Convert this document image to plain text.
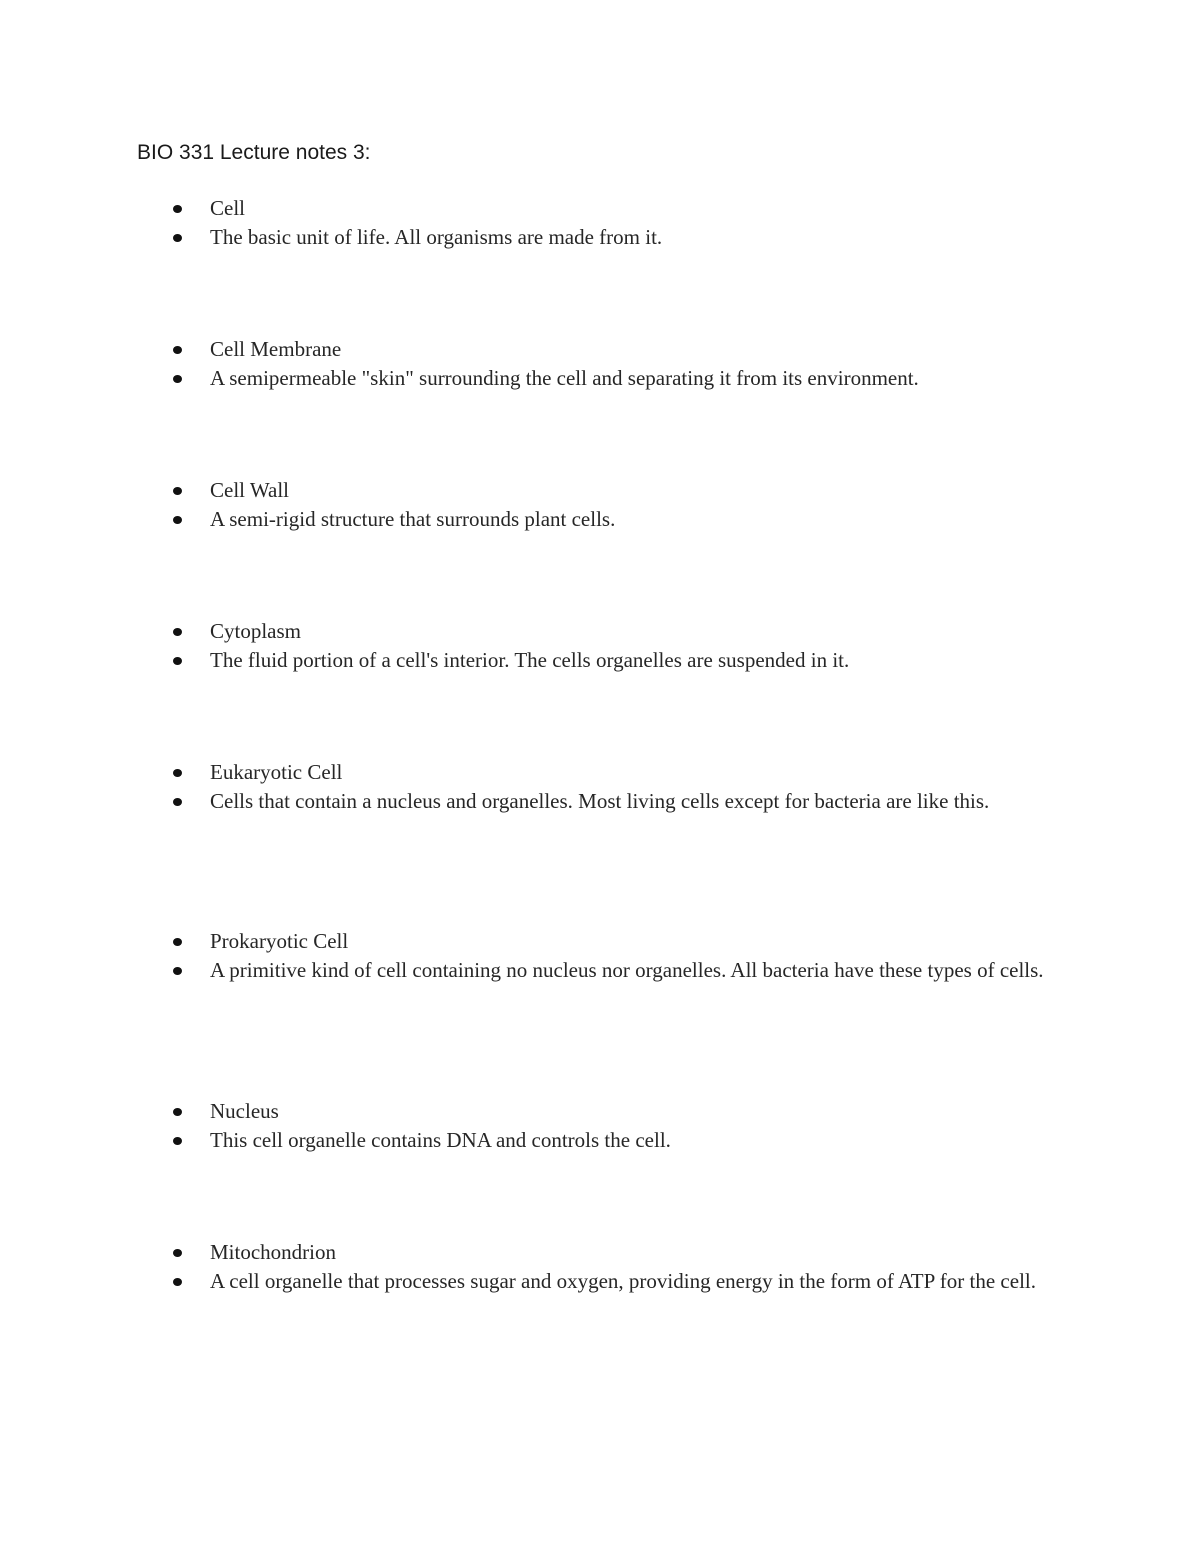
BIO 331 Lecture notes 3:
Cell
The basic unit of life. All organisms are made from it.
Cell Membrane
A semipermeable "skin" surrounding the cell and separating it from its environment.
Cell Wall
A semi-rigid structure that surrounds plant cells.
Cytoplasm
The fluid portion of a cell's interior. The cells organelles are suspended in it.
Eukaryotic Cell
Cells that contain a nucleus and organelles. Most living cells except for bacteria are like this.
Prokaryotic Cell
A primitive kind of cell containing no nucleus nor organelles. All bacteria have these types of cells.
Nucleus
This cell organelle contains DNA and controls the cell.
Mitochondrion
A cell organelle that processes sugar and oxygen, providing energy in the form of ATP for the cell.
